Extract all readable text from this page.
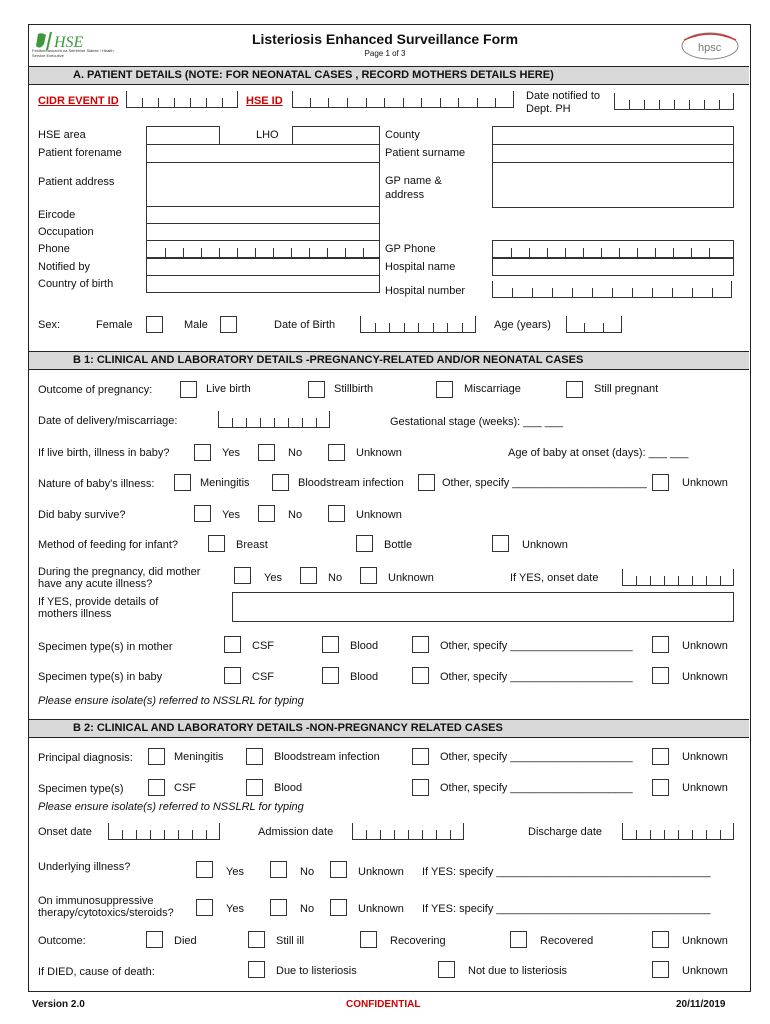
HSE
Feidhmeannacht na Seirbhíse Sláinte / Health Service Executive
Listeriosis Enhanced Surveillance Form
Page 1 of 3	hpsc
A. PATIENT DETAILS (NOTE: FOR NEONATAL CASES , RECORD MOTHERS DETAILS HERE)
CIDR EVENT ID	HSE ID	Date notified to Dept. PH
HSE area	LHO	County
Patient forename	Patient surname
Patient address	GP name & address
Eircode
Occupation
Phone	GP Phone
Notified by	Hospital name
Country of birth
Hospital number
Sex:	Female	Male	Date of Birth	Age (years)
B 1: CLINICAL AND LABORATORY DETAILS -PREGNANCY-RELATED AND/OR NEONATAL CASES
Outcome of pregnancy:	Live birth	Stillbirth	Miscarriage	Still pregnant
Date of delivery/miscarriage:	Gestational stage (weeks): ___ ___
If live birth, illness in baby?	Yes	No	Unknown	Age of baby at onset (days): ___ ___
Nature of baby's illness:	Meningitis	Bloodstream infection	Other, specify ______________________	Unknown
Did baby survive?	Yes	No	Unknown
Method of feeding for infant?	Breast	Bottle	Unknown
During the pregnancy, did mother have any acute illness?	Yes	No	Unknown	If YES, onset date
If YES, provide details of mothers illness
Specimen type(s) in mother	CSF	Blood	Other, specify ____________________	Unknown
Specimen type(s) in baby	CSF	Blood	Other, specify ____________________	Unknown
Please ensure isolate(s) referred to NSSLRL for typing
B 2: CLINICAL AND LABORATORY DETAILS -NON-PREGNANCY RELATED CASES
Principal diagnosis:	Meningitis	Bloodstream infection	Other, specify ____________________	Unknown
Specimen type(s)	CSF	Blood	Other, specify ____________________	Unknown
Please ensure isolate(s) referred to NSSLRL for typing
Onset date	Admission date	Discharge date
Underlying illness?	Yes	No	Unknown If YES: specify ___________________________________
On immunosuppressive therapy/cytotoxics/steroids?	Yes	No	Unknown If YES: specify ___________________________________
Outcome:	Died	Still ill	Recovering	Recovered	Unknown
If DIED, cause of death:	Due to listeriosis	Not due to listeriosis	Unknown
Version 2.0	CONFIDENTIAL	20/11/2019
